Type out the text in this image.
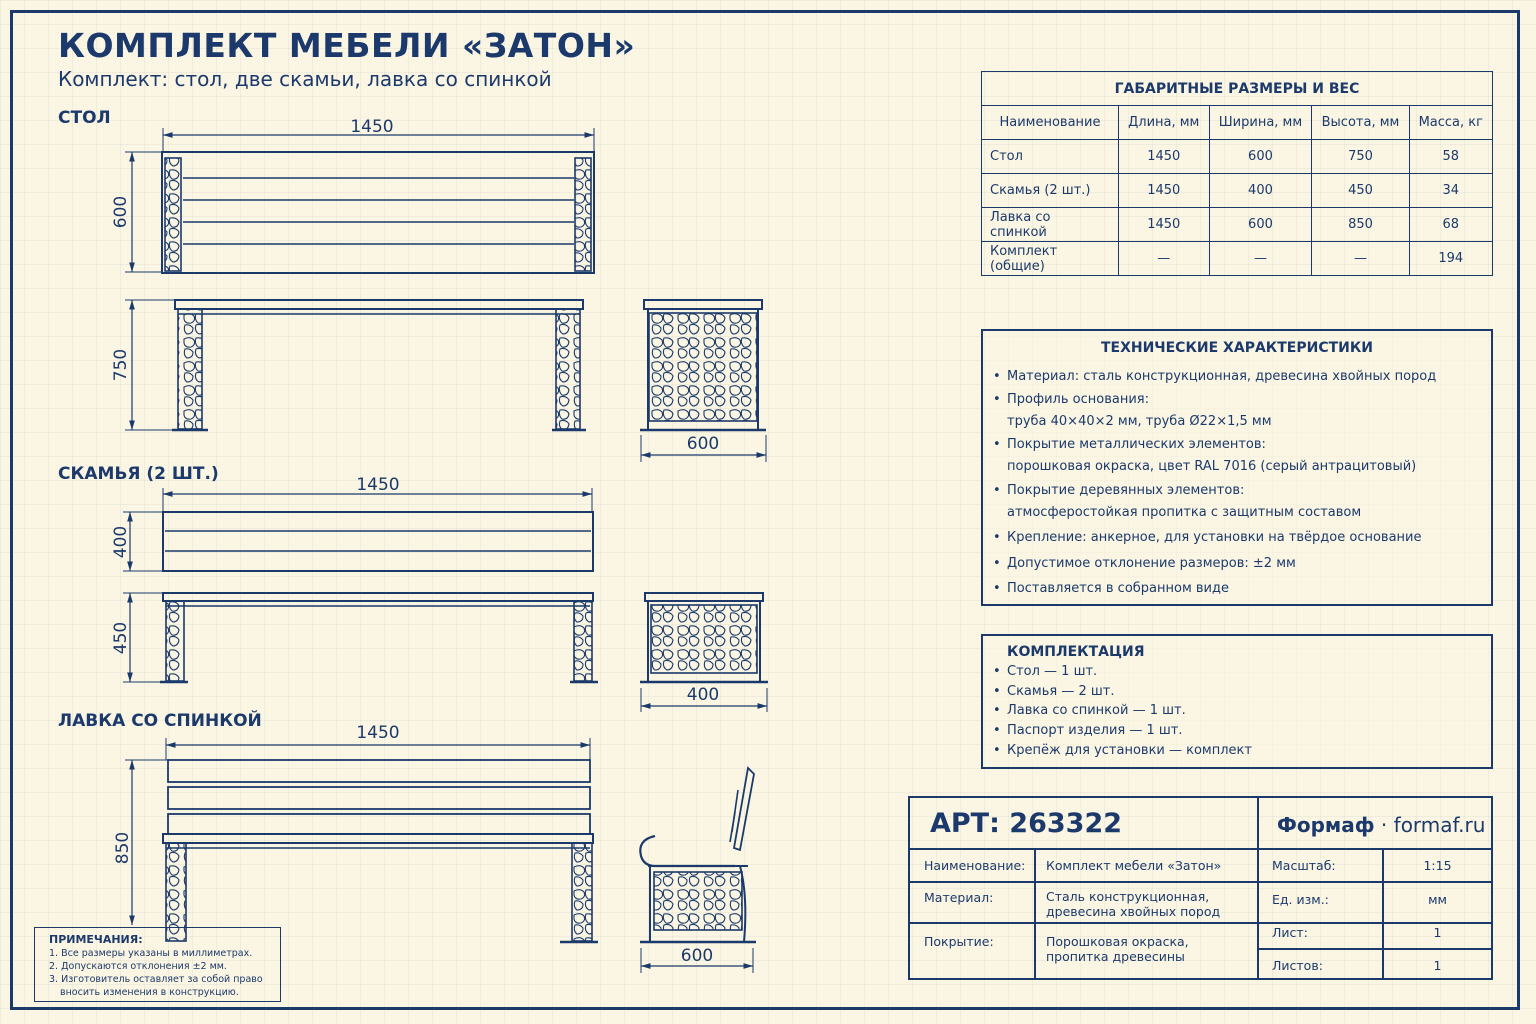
КОМПЛЕКТ МЕБЕЛИ «ЗАТОН»

Комплект: стол, две скамьи, лавка со спинкой

СТОЛ

СКАМЬЯ (2 ШТ.)

ЛАВКА СО СПИНКОЙ

1450
600
750
600
1450
400
450
400
1450
850
600
ГАБАРИТНЫЕ РАЗМЕРЫ И ВЕС				
Наименование	Длина, мм	Ширина, мм	Высота, мм	Масса, кг
Стол	1450	600	750	58
Скамья (2 шт.)	1450	400	450	34
Лавка со спинкой	1450	600	850	68
Комплект (общие)	—	—	—	194
ТЕХНИЧЕСКИЕ ХАРАКТЕРИСТИКИ
• Материал: сталь конструкционная, древесина хвойных пород
• Профиль основания:
труба 40×40×2 мм, труба Ø22×1,5 мм
• Покрытие металлических элементов:
порошковая окраска, цвет RAL 7016 (серый антрацитовый)
• Покрытие деревянных элементов:
атмосферостойкая пропитка с защитным составом
• Крепление: анкерное, для установки на твёрдое основание
• Допустимое отклонение размеров: ±2 мм
• Поставляется в собранном виде
КОМПЛЕКТАЦИЯ
• Стол — 1 шт.
• Скамья — 2 шт.
• Лавка со спинкой — 1 шт.
• Паспорт изделия — 1 шт.
• Крепёж для установки — комплект
ПРИМЕЧАНИЯ:
1. Все размеры указаны в миллиметрах.
2. Допускаются отклонения ±2 мм.
3. Изготовитель оставляет за собой право
вносить изменения в конструкцию.
АРТ: 263322	Формаф · formaf.ru
Наименование: Комплект мебели «Затон»
Материал:	Сталь конструкционная,
древесина хвойных пород
Покрытие:	Порошковая окраска,
пропитка древесины
Масштаб:	1:15
Ед. изм.:	мм
Лист:	1
Листов:	1
